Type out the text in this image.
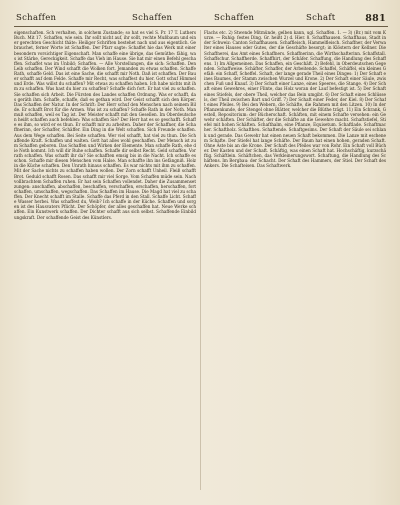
Schaffen	Schaffen	Schaffen	Schaft	881

eigenschaften. Sch verhalten, in solchem Zustande; so hat es viel S. Pr. 17 T. Luthers Buch. Mit 17. Schaffen, wie sein. Ihr sollt nicht auf, ihr sollt, rechte Mußbaum und einer gerechten Geschicht thäte: Heiliger Schriften bestehet nach und aus eigentlich. Gebrauchet, ferner Worte ist Schaffen. Der Pfarr sagte: Schaffet hie das Werk mit einer besondern vorsichtiger Eigenschaft. Man schaffe eine übrige, das Gemüthe: fähig, was ist Stärke, Gereckigkeit. Schaffe das Vieh im Hause. Sie hat mir einen Befehl geschaffen. Schaffet was im Unbild; Schaffen. — Alle Vorstellungen, die sich: Schaffen. Den Leib schaffen. Der Wind schafft die Wolken fort. Jemanden zu etwas schaffen. Schaffe Rath, schaffe Geld. Das ist eine Sache, die schafft mir Noth. Daß ist schaffen. Der Bauer schafft auf dem Felde. Schaffe mir Recht, was schaffest du hier. Gott schuf Himmel und Erde. Was willst du schaffen? Mit etwas zu schaffen haben. Ich habe nichts mit ihm zu schaffen. Was hast du hier zu schaffen? Schaffe dich fort. Er hat viel zu schaffen. Sie schaffen sich Arbeit. Die Fürsten des Landes schaffen Ordnung. Was er schafft, das geräth ihm. Schaffe, schaffe, daß es gethan wird. Der Geist schafft sich den Körper. Das Schaffen der Natur. In der Schrift: Der Herr schuf den Menschen nach seinem Bilde. Er schafft Brot für die Armen. Was ist zu schaffen? Schaffe Rath in der Noth. Man muß schaffen, weil es Tag ist. Der Meister schafft mit den Gesellen. Im Oberdeutschen heißt schaffen auch befehlen: Was schaffen Sie? Der Herr hat es so geschafft. Schaffe es ihm, so wird er es thun. Er schafft mir zu arbeiten. Daher der Schaffner, die Schaffnerinn, der Schaffer, Schäffer. Ein Ding in die Welt schaffen. Sich Freunde schaffen. Aus dem Wege schaffen. Bei Seite schaffen. Wer viel schafft, hat viel zu thun. Die Schaffende Kraft. Schaffen und walten. Gott hat alles wohl geschaffen. Der Mensch ist zum Schaffen geboren. Das Schaffen und Wirken der Elemente. Man schaffe Rath, ehe die Noth kommt. Ich will dir Ruhe schaffen. Schaffe dir selbst Recht. Geld schaffen. Vorrath schaffen. Was schafft ihr da? Sie schafften emsig bis in die Nacht. Ich schaffe es schon. Schaffe mir diesen Menschen vom Halse. Man schaffte ihn ins Gefängniß. Holz in die Küche schaffen. Den Unrath hinaus schaffen. Es war nichts mit ihm zu schaffen. Mit der Sache nichts zu schaffen haben wollen. Der Zorn schafft Unheil. Fleiß schafft Brot. Geduld schafft Rosen. Das schafft mir viel Sorge. Vom Schaffen müde sein. Nach vollbrachtem Schaffen ruhen. Er hat sein Schaffen vollendet. Daher die Zusammensetzungen: anschaffen, abschaffen, beschaffen, verschaffen, erschaffen, herschaffen, fortschaffen, umschaffen, wegschaffen. Das Schaffen im Hause. Die Magd hat viel zu schaffen. Der Knecht schafft im Stalle. Schaffe das Pferd in den Stall. Schaffe Licht. Schaffe Wasser herbei. Was schaffest du, Weib? Ich schaffe in der Küche. Schaffen und sorgen ist des Hausvaters Pflicht. Der Schöpfer, der alles geschaffen hat. Neue Werke schaffen. Ein Kunstwerk schaffen. Der Dichter schafft aus sich selbst. Schaffende Einbildungskraft. Der schaffende Geist des Künstlers.

Flachs etc. 2) Stwende Mitmünde, gelben kann, ugl. Schaffen. 1. — 3) (Br.) mit vom Kurze. — Ruhig: festes Ding. Gr. heißt 2) d. Hier. 8. Schaffhausen. Schaffhaus, Stadt in der Schweiz: Canton Schaffhausen. Schaffleisch, Hammelfleisch. Schaffner, der Verwalter eines Hauses oder Gutes, der die Geschäfte besorgt; in Klöstern der Kellner. Die Schaffnerei, das Amt eines Schaffners. Schaffnerinn, die Wirthschafterinn. Schaffstall. Schaffschur. Schaffherde. Schaffhirt, der Schäfer. Schaffung, die Handlung des Schaffens. 1) Im Allgemeinen. Das Schaffen, ein Geschäft. 2) Befehl, in Oberdeutschen Gegenden. Schaffweise. Schäfter, Schaffer, der Arbeitende. Schaffel, Schäffel, ein kleines Gefäß: ein Schaff, Scheffel. Schaft, der lange gerade Theil eines Dinges: 1) Der Schaft eines Baumes, der Stamm zwischen Wurzel und Krone. 2) Der Schaft einer Säule, zwischen Fuß und Knauf. 3) Der Schaft einer Lanze, eines Speeres, die Stange. 4) Der Schaft eines Gewehres, einer Flinte, das Holz woran der Lauf befestigt ist. 5) Der Schaft eines Stiefels, der obere Theil, welcher das Bein umgibt. 6) Der Schaft eines Schlüssels, der Theil zwischen Bart und Griff. 7) Der Schaft einer Feder, der Kiel. 8) Der Schaft eines Pfeiles. 9) Bei den Webern, die Schäfte, die Rahmen mit den Litzen. 10) In der Pflanzenkunde, der Stengel ohne Blätter, welcher die Blüthe trägt. 11) Ein Schrank, Gestell, Repositorium: der Bücherschaft. Schäften, mit einem Schafte versehen: ein Gewehr schäften. Der Schäfter, der die Schäfte an die Gewehre macht. Schaftstiefel, Stiefel mit hohen Schäften. Schafthalm, eine Pflanze, Equisetum. Schaftlade. Schaftmacher. Schaftholz. Schaftheu. Schaftende. Schaftgesims. Der Schaft der Säule sei schlank und gerade. Das Gewehr hat einen neuen Schaft bekommen. Die Lanze mit eschenem Schafte. Der Stiefel hat lange Schäfte. Der Baum hat einen hohen, geraden Schaft. Ohne Äste bis an die Krone. Der Schaft des Pfeiles war von Rohr. Ein Schaft voll Bücher. Der Kasten und der Schaft. Schäftig, was einen Schaft hat. Hochschäftig, kurzschäftig. Schäftlein. Schäftchen, das Verkleinerungswort. Schaftung, die Handlung des Schäftens. Im Bergbau: der Schacht. Der Schaft des Hammers, der Stiel. Der Schaft des Ankers. Die Schafteisen. Das Schaftwerk.
